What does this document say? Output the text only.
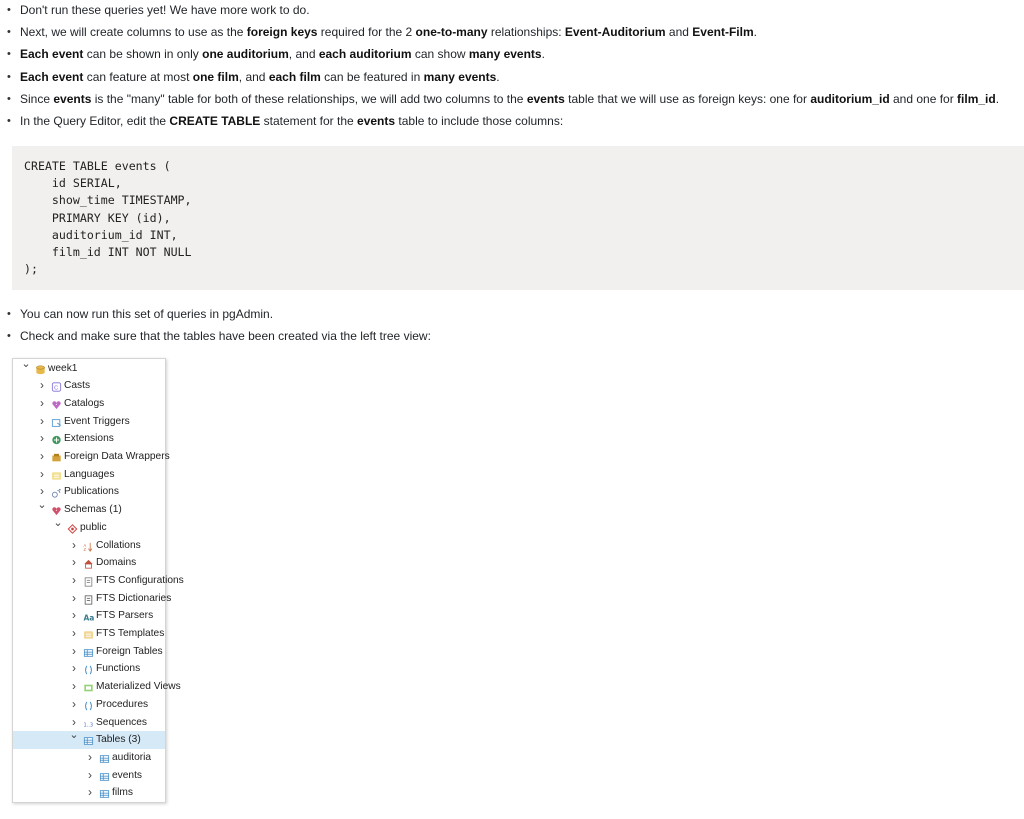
• Don't run these queries yet! We have more work to do.
• Next, we will create columns to use as the foreign keys required for the 2 one-to-many relationships: Event-Auditorium and Event-Film.
• Each event can be shown in only one auditorium, and each auditorium can show many events.
• Each event can feature at most one film, and each film can be featured in many events.
• Since events is the "many" table for both of these relationships, we will add two columns to the events table that we will use as foreign keys: one for auditorium_id and one for film_id.
• In the Query Editor, edit the CREATE TABLE statement for the events table to include those columns:
CREATE TABLE events (
id SERIAL,
show_time TIMESTAMP,
PRIMARY KEY (id),
auditorium_id INT,
film_id INT NOT NULL
);
• You can now run this set of queries in pgAdmin.
• Check and make sure that the tables have been created via the left tree view:
⌄ week1
›	C Casts
› Catalogs
› Event Triggers
› Extensions
› Foreign Data Wrappers
› Languages
› Publications
⌄ Schemas (1)
⌄ public
›	A
Z Collations
› Domains
› FTS Configurations
› FTS Dictionaries
› Aa FTS Parsers
› FTS Templates
› Foreign Tables
› Functions
› Materialized Views
› Procedures
›	1..3 Sequences
⌄ Tables (3)
› auditoria
› events
› films
